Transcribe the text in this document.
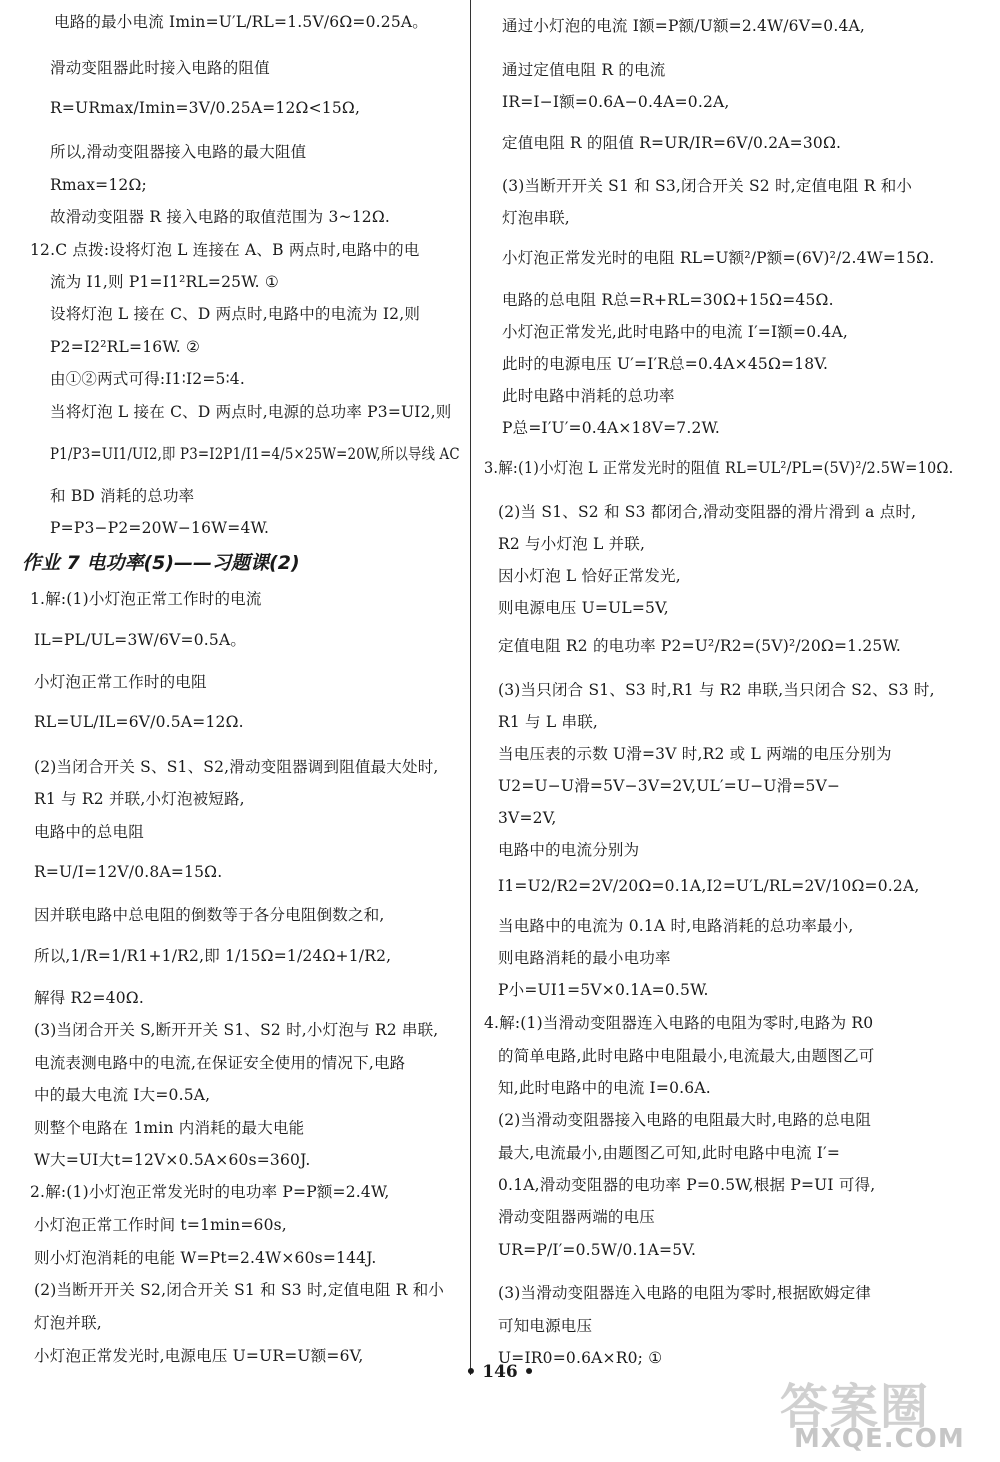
电路的最小电流 Imin=U′L/RL=1.5V/6Ω=0.25A。
滑动变阻器此时接入电路的阻值
R=URmax/Imin=3V/0.25A=12Ω<15Ω,
所以,滑动变阻器接入电路的最大阻值
Rmax=12Ω;
故滑动变阻器 R 接入电路的取值范围为 3~12Ω.
12.C 点拨:设将灯泡 L 连接在 A、B 两点时,电路中的电
流为 I1,则 P1=I1²RL=25W. ①
设将灯泡 L 接在 C、D 两点时,电路中的电流为 I2,则
P2=I2²RL=16W. ②
由①②两式可得:I1∶I2=5∶4.
当将灯泡 L 接在 C、D 两点时,电源的总功率 P3=UI2,则
P1/P3=UI1/UI2,即 P3=I2P1/I1=4/5×25W=20W,所以导线 AC
和 BD 消耗的总功率
P=P3−P2=20W−16W=4W.
1.解:(1)小灯泡正常工作时的电流
IL=PL/UL=3W/6V=0.5A。
小灯泡正常工作时的电阻
RL=UL/IL=6V/0.5A=12Ω.
(2)当闭合开关 S、S1、S2,滑动变阻器调到阻值最大处时,
R1 与 R2 并联,小灯泡被短路,
电路中的总电阻
R=U/I=12V/0.8A=15Ω.
因并联电路中总电阻的倒数等于各分电阻倒数之和,
所以,1/R=1/R1+1/R2,即 1/15Ω=1/24Ω+1/R2,
解得 R2=40Ω.
(3)当闭合开关 S,断开开关 S1、S2 时,小灯泡与 R2 串联,
电流表测电路中的电流,在保证安全使用的情况下,电路
中的最大电流 I大=0.5A,
则整个电路在 1min 内消耗的最大电能
W大=UI大t=12V×0.5A×60s=360J.
2.解:(1)小灯泡正常发光时的电功率 P=P额=2.4W,
小灯泡正常工作时间 t=1min=60s,
则小灯泡消耗的电能 W=Pt=2.4W×60s=144J.
(2)当断开开关 S2,闭合开关 S1 和 S3 时,定值电阻 R 和小
灯泡并联,
小灯泡正常发光时,电源电压 U=UR=U额=6V,
作业 7 电功率(5)——习题课(2)
通过小灯泡的电流 I额=P额/U额=2.4W/6V=0.4A,
通过定值电阻 R 的电流
IR=I−I额=0.6A−0.4A=0.2A,
定值电阻 R 的阻值 R=UR/IR=6V/0.2A=30Ω.
(3)当断开开关 S1 和 S3,闭合开关 S2 时,定值电阻 R 和小
灯泡串联,
小灯泡正常发光时的电阻 RL=U额²/P额=(6V)²/2.4W=15Ω.
电路的总电阻 R总=R+RL=30Ω+15Ω=45Ω.
小灯泡正常发光,此时电路中的电流 I′=I额=0.4A,
此时的电源电压 U′=I′R总=0.4A×45Ω=18V.
此时电路中消耗的总功率
P总=I′U′=0.4A×18V=7.2W.
3.解:(1)小灯泡 L 正常发光时的阻值 RL=UL²/PL=(5V)²/2.5W=10Ω.
(2)当 S1、S2 和 S3 都闭合,滑动变阻器的滑片滑到 a 点时,
R2 与小灯泡 L 并联,
因小灯泡 L 恰好正常发光,
则电源电压 U=UL=5V,
定值电阻 R2 的电功率 P2=U²/R2=(5V)²/20Ω=1.25W.
(3)当只闭合 S1、S3 时,R1 与 R2 串联,当只闭合 S2、S3 时,
R1 与 L 串联,
当电压表的示数 U滑=3V 时,R2 或 L 两端的电压分别为
U2=U−U滑=5V−3V=2V,UL′=U−U滑=5V−
3V=2V,
电路中的电流分别为
I1=U2/R2=2V/20Ω=0.1A,I2=U′L/RL=2V/10Ω=0.2A,
当电路中的电流为 0.1A 时,电路消耗的总功率最小,
则电路消耗的最小电功率
P小=UI1=5V×0.1A=0.5W.
4.解:(1)当滑动变阻器连入电路的电阻为零时,电路为 R0
的简单电路,此时电路中电阻最小,电流最大,由题图乙可
知,此时电路中的电流 I=0.6A.
(2)当滑动变阻器接入电路的电阻最大时,电路的总电阻
最大,电流最小,由题图乙可知,此时电路中电流 I′=
0.1A,滑动变阻器的电功率 P=0.5W,根据 P=UI 可得,
滑动变阻器两端的电压
UR=P/I′=0.5W/0.1A=5V.
(3)当滑动变阻器连入电路的电阻为零时,根据欧姆定律
可知电源电压
U=IR0=0.6A×R0; ①
• 146 •
答案圈
MXQE.COM
